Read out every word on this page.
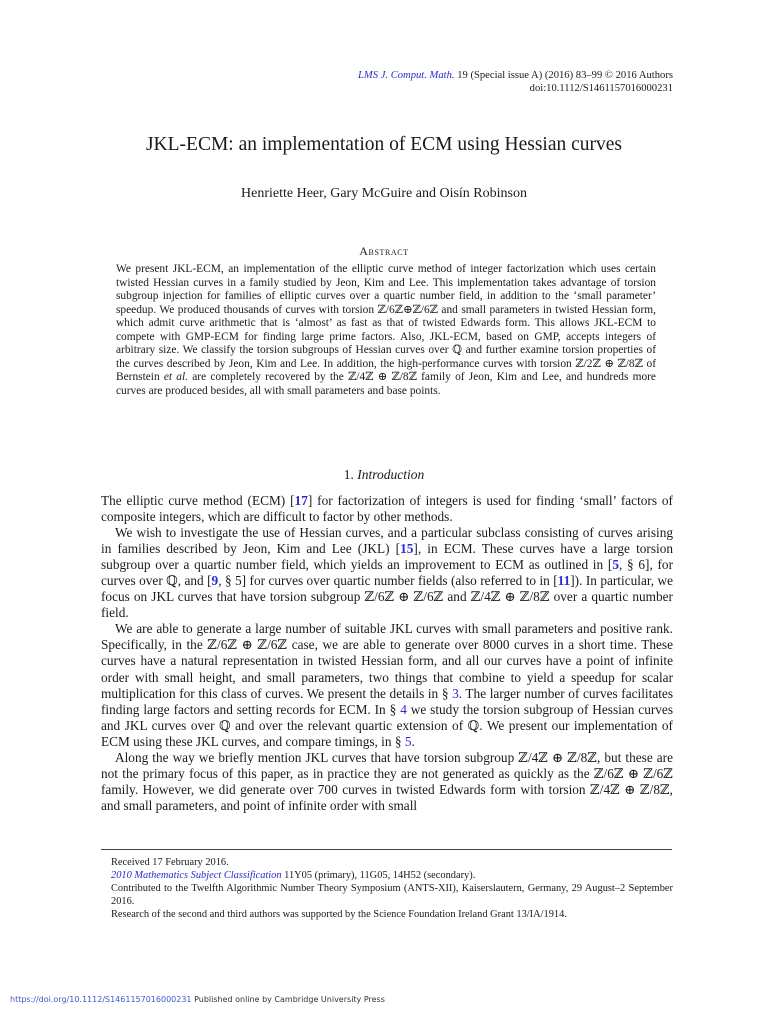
LMS J. Comput. Math. 19 (Special issue A) (2016) 83–99 © 2016 Authors
doi:10.1112/S1461157016000231
JKL-ECM: an implementation of ECM using Hessian curves
Henriette Heer, Gary McGuire and Oisín Robinson
Abstract
We present JKL-ECM, an implementation of the elliptic curve method of integer factorization which uses certain twisted Hessian curves in a family studied by Jeon, Kim and Lee. This implementation takes advantage of torsion subgroup injection for families of elliptic curves over a quartic number field, in addition to the ‘small parameter’ speedup. We produced thousands of curves with torsion ℤ/6ℤ⊕ℤ/6ℤ and small parameters in twisted Hessian form, which admit curve arithmetic that is ‘almost’ as fast as that of twisted Edwards form. This allows JKL-ECM to compete with GMP-ECM for finding large prime factors. Also, JKL-ECM, based on GMP, accepts integers of arbitrary size. We classify the torsion subgroups of Hessian curves over ℚ and further examine torsion properties of the curves described by Jeon, Kim and Lee. In addition, the high-performance curves with torsion ℤ/2ℤ ⊕ ℤ/8ℤ of Bernstein et al. are completely recovered by the ℤ/4ℤ ⊕ ℤ/8ℤ family of Jeon, Kim and Lee, and hundreds more curves are produced besides, all with small parameters and base points.
1. Introduction

The elliptic curve method (ECM) [17] for factorization of integers is used for finding ‘small’ factors of composite integers, which are difficult to factor by other methods.

We wish to investigate the use of Hessian curves, and a particular subclass consisting of curves arising in families described by Jeon, Kim and Lee (JKL) [15], in ECM. These curves have a large torsion subgroup over a quartic number field, which yields an improvement to ECM as outlined in [5, § 6], for curves over ℚ, and [9, § 5] for curves over quartic number fields (also referred to in [11]). In particular, we focus on JKL curves that have torsion subgroup ℤ/6ℤ ⊕ ℤ/6ℤ and ℤ/4ℤ ⊕ ℤ/8ℤ over a quartic number field.

We are able to generate a large number of suitable JKL curves with small parameters and positive rank. Specifically, in the ℤ/6ℤ ⊕ ℤ/6ℤ case, we are able to generate over 8000 curves in a short time. These curves have a natural representation in twisted Hessian form, and all our curves have a point of infinite order with small height, and small parameters, two things that combine to yield a speedup for scalar multiplication for this class of curves. We present the details in § 3. The larger number of curves facilitates finding large factors and setting records for ECM. In § 4 we study the torsion subgroup of Hessian curves and JKL curves over ℚ and over the relevant quartic extension of ℚ. We present our implementation of ECM using these JKL curves, and compare timings, in § 5.

Along the way we briefly mention JKL curves that have torsion subgroup ℤ/4ℤ ⊕ ℤ/8ℤ, but these are not the primary focus of this paper, as in practice they are not generated as quickly as the ℤ/6ℤ ⊕ ℤ/6ℤ family. However, we did generate over 700 curves in twisted Edwards form with torsion ℤ/4ℤ ⊕ ℤ/8ℤ, and small parameters, and point of infinite order with small

Received 17 February 2016.
2010 Mathematics Subject Classification 11Y05 (primary), 11G05, 14H52 (secondary).
Contributed to the Twelfth Algorithmic Number Theory Symposium (ANTS-XII), Kaiserslautern, Germany, 29 August–2 September 2016.
Research of the second and third authors was supported by the Science Foundation Ireland Grant 13/IA/1914.
https://doi.org/10.1112/S1461157016000231 Published online by Cambridge University Press
